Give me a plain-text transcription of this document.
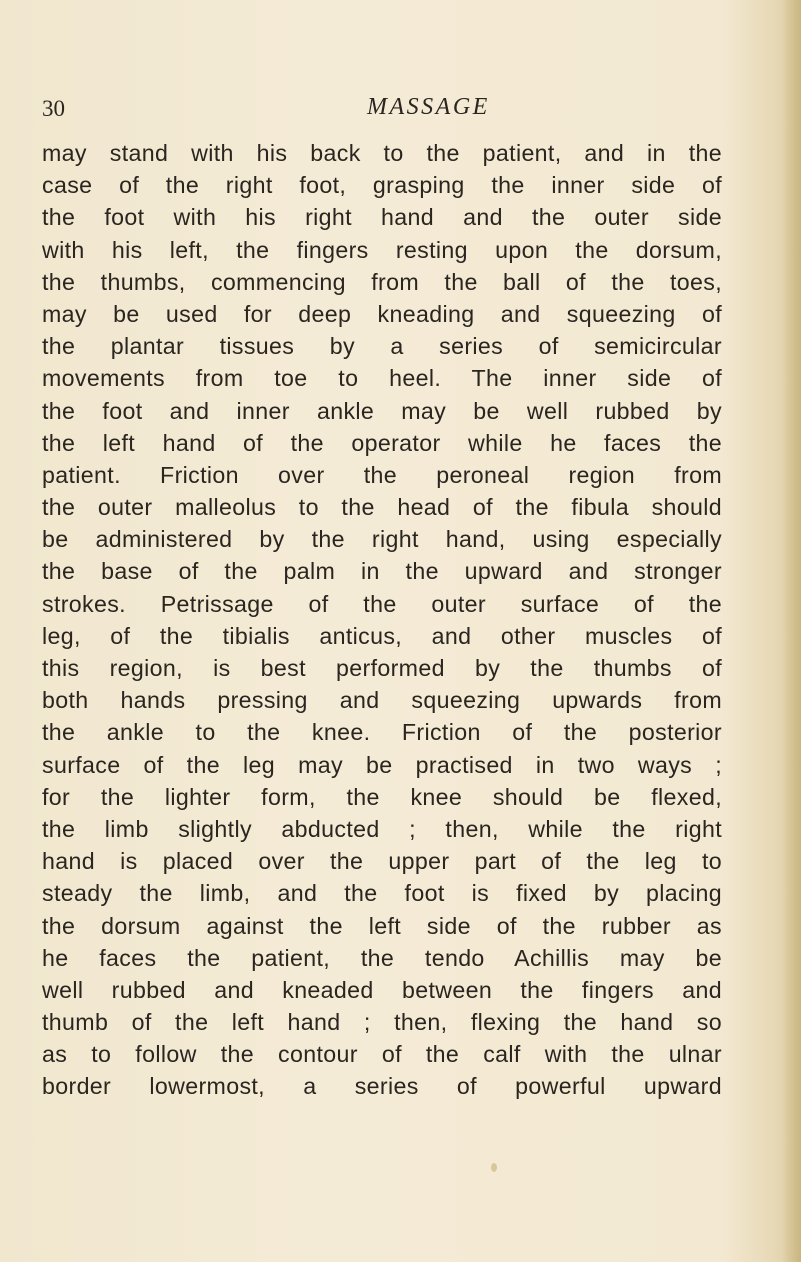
30	MASSAGE
may stand with his back to the patient, and in the
case of the right foot, grasping the inner side of
the foot with his right hand and the outer side
with his left, the fingers resting upon the dorsum,
the thumbs, commencing from the ball of the toes,
may be used for deep kneading and squeezing of
the plantar tissues by a series of semicircular
movements from toe to heel. The inner side of
the foot and inner ankle may be well rubbed by
the left hand of the operator while he faces the
patient. Friction over the peroneal region from
the outer malleolus to the head of the fibula should
be administered by the right hand, using especially
the base of the palm in the upward and stronger
strokes. Petrissage of the outer surface of the
leg, of the tibialis anticus, and other muscles of
this region, is best performed by the thumbs of
both hands pressing and squeezing upwards from
the ankle to the knee. Friction of the posterior
surface of the leg may be practised in two ways ;
for the lighter form, the knee should be flexed,
the limb slightly abducted ; then, while the right
hand is placed over the upper part of the leg to
steady the limb, and the foot is fixed by placing
the dorsum against the left side of the rubber as
he faces the patient, the tendo Achillis may be
well rubbed and kneaded between the fingers and
thumb of the left hand ; then, flexing the hand so
as to follow the contour of the calf with the ulnar
border lowermost, a series of powerful upward
